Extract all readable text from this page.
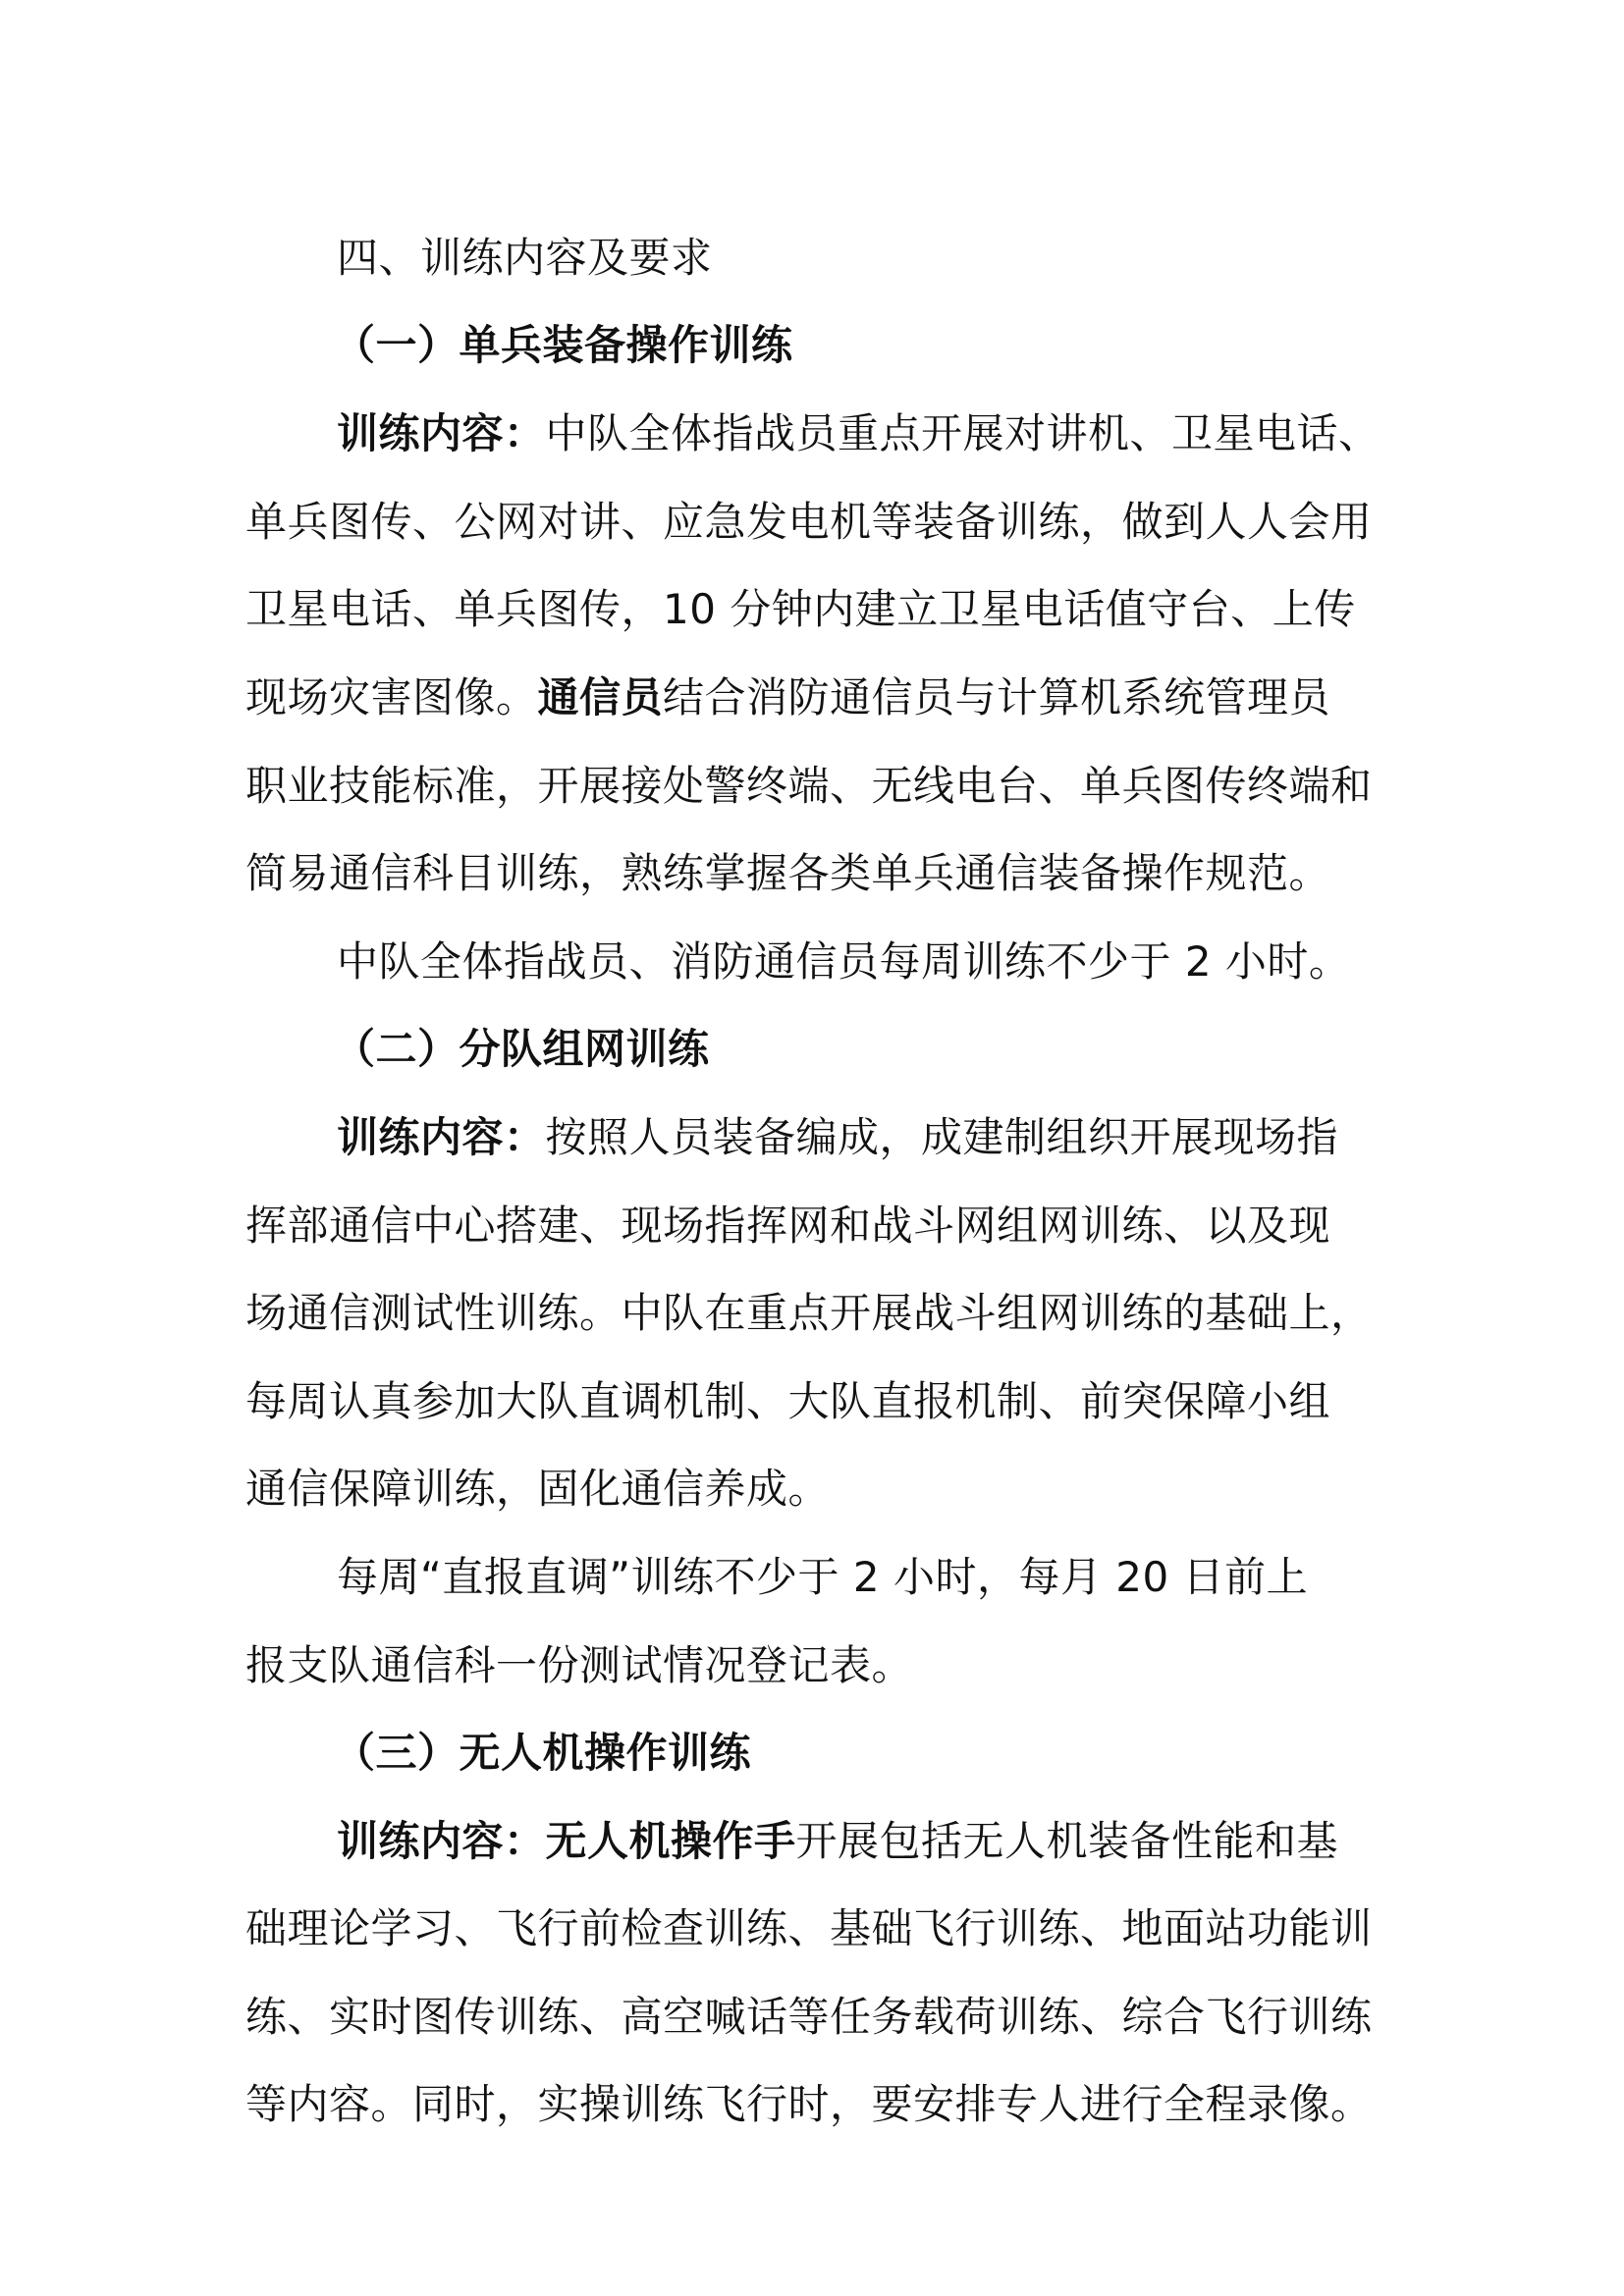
四、训练内容及要求
（一）单兵装备操作训练
训练内容：中队全体指战员重点开展对讲机、卫星电话、
单兵图传、公网对讲、应急发电机等装备训练，做到人人会用
卫星电话、单兵图传，10 分钟内建立卫星电话值守台、上传
现场灾害图像。通信员结合消防通信员与计算机系统管理员
职业技能标准，开展接处警终端、无线电台、单兵图传终端和
简易通信科目训练，熟练掌握各类单兵通信装备操作规范。
中队全体指战员、消防通信员每周训练不少于 2 小时。
（二）分队组网训练
训练内容：按照人员装备编成，成建制组织开展现场指
挥部通信中心搭建、现场指挥网和战斗网组网训练、以及现
场通信测试性训练。中队在重点开展战斗组网训练的基础上，
每周认真参加大队直调机制、大队直报机制、前突保障小组
通信保障训练，固化通信养成。
每周“直报直调”训练不少于 2 小时，每月 20 日前上
报支队通信科一份测试情况登记表。
（三）无人机操作训练
训练内容：无人机操作手开展包括无人机装备性能和基
础理论学习、飞行前检查训练、基础飞行训练、地面站功能训
练、实时图传训练、高空喊话等任务载荷训练、综合飞行训练
等内容。同时，实操训练飞行时，要安排专人进行全程录像。
